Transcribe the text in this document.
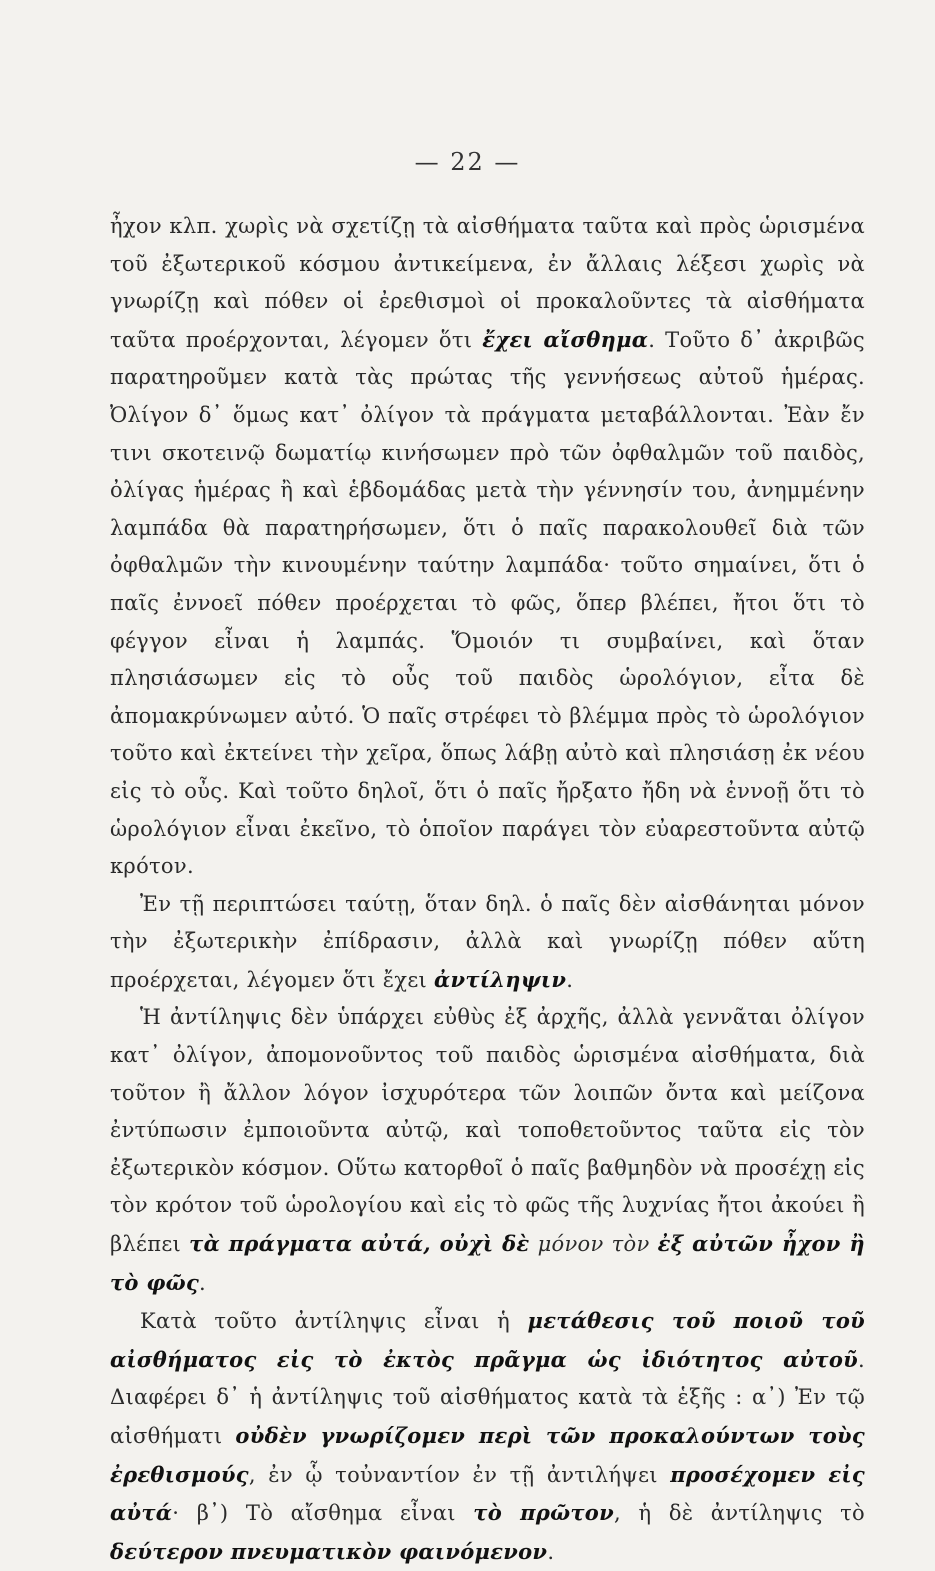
— 22 —

ἦχον κλπ. χωρὶς νὰ σχετίζῃ τὰ αἰσθήματα ταῦτα καὶ πρὸς ὡρισμένα τοῦ ἐξωτερικοῦ κόσμου ἀντικείμενα, ἐν ἄλλαις λέξεσι χωρὶς νὰ γνωρίζῃ καὶ πόθεν οἱ ἐρεθισμοὶ οἱ προκαλοῦντες τὰ αἰσθήματα ταῦτα προέρχονται, λέγομεν ὅτι ἔχει αἴσθημα. Τοῦτο δ᾽ ἀκριβῶς παρατηροῦμεν κατὰ τὰς πρώτας τῆς γεννήσεως αὐτοῦ ἡμέρας. Ὀλίγον δ᾽ ὅμως κατ᾽ ὀλίγον τὰ πράγματα μεταβάλλονται. Ἐὰν ἔν τινι σκοτεινῷ δωματίῳ κινήσωμεν πρὸ τῶν ὀφθαλμῶν τοῦ παιδὸς, ὀλίγας ἡμέρας ἢ καὶ ἑβδομάδας μετὰ τὴν γέννησίν του, ἀνημμένην λαμπάδα θὰ παρατηρήσωμεν, ὅτι ὁ παῖς παρακολουθεῖ διὰ τῶν ὀφθαλμῶν τὴν κινουμένην ταύτην λαμπάδα· τοῦτο σημαίνει, ὅτι ὁ παῖς ἐννοεῖ πόθεν προέρχεται τὸ φῶς, ὅπερ βλέπει, ἤτοι ὅτι τὸ φέγγον εἶναι ἡ λαμπάς. Ὅμοιόν τι συμβαίνει, καὶ ὅταν πλησιάσωμεν εἰς τὸ οὖς τοῦ παιδὸς ὡρολόγιον, εἶτα δὲ ἀπομακρύνωμεν αὐτό. Ὁ παῖς στρέφει τὸ βλέμμα πρὸς τὸ ὡρολόγιον τοῦτο καὶ ἐκτείνει τὴν χεῖρα, ὅπως λάβῃ αὐτὸ καὶ πλησιάσῃ ἐκ νέου εἰς τὸ οὖς. Καὶ τοῦτο δηλοῖ, ὅτι ὁ παῖς ἤρξατο ἤδη νὰ ἐννοῇ ὅτι τὸ ὡρολόγιον εἶναι ἐκεῖνο, τὸ ὁποῖον παράγει τὸν εὐαρεστοῦντα αὐτῷ κρότον.

Ἐν τῇ περιπτώσει ταύτῃ, ὅταν δηλ. ὁ παῖς δὲν αἰσθάνηται μόνον τὴν ἐξωτερικὴν ἐπίδρασιν, ἀλλὰ καὶ γνωρίζῃ πόθεν αὕτη προέρχεται, λέγομεν ὅτι ἔχει ἀντίληψιν.

Ἡ ἀντίληψις δὲν ὑπάρχει εὐθὺς ἐξ ἀρχῆς, ἀλλὰ γεννᾶται ὀλίγον κατ᾽ ὀλίγον, ἀπομονοῦντος τοῦ παιδὸς ὡρισμένα αἰσθήματα, διὰ τοῦτον ἢ ἄλλον λόγον ἰσχυρότερα τῶν λοιπῶν ὄντα καὶ μείζονα ἐντύπωσιν ἐμποιοῦντα αὐτῷ, καὶ τοποθετοῦντος ταῦτα εἰς τὸν ἐξωτερικὸν κόσμον. Οὕτω κατορθοῖ ὁ παῖς βαθμηδὸν νὰ προσέχῃ εἰς τὸν κρότον τοῦ ὡρολογίου καὶ εἰς τὸ φῶς τῆς λυχνίας ἤτοι ἀκούει ἢ βλέπει τὰ πράγματα αὐτά, οὐχὶ δὲ μόνον τὸν ἐξ αὐτῶν ἦχον ἢ τὸ φῶς.

Κατὰ τοῦτο ἀντίληψις εἶναι ἡ μετάθεσις τοῦ ποιοῦ τοῦ αἰσθήματος εἰς τὸ ἐκτὸς πρᾶγμα ὡς ἰδιότητος αὐτοῦ. Διαφέρει δ᾽ ἡ ἀντίληψις τοῦ αἰσθήματος κατὰ τὰ ἑξῆς : α᾽) Ἐν τῷ αἰσθήματι οὐδὲν γνωρίζομεν περὶ τῶν προκαλούντων τοὺς ἐρεθισμούς, ἐν ᾧ τοὐναντίον ἐν τῇ ἀντιλήψει προσέχομεν εἰς αὐτά· β᾽) Τὸ αἴσθημα εἶναι τὸ πρῶτον, ἡ δὲ ἀντίληψις τὸ δεύτερον πνευματικὸν φαινόμενον.
